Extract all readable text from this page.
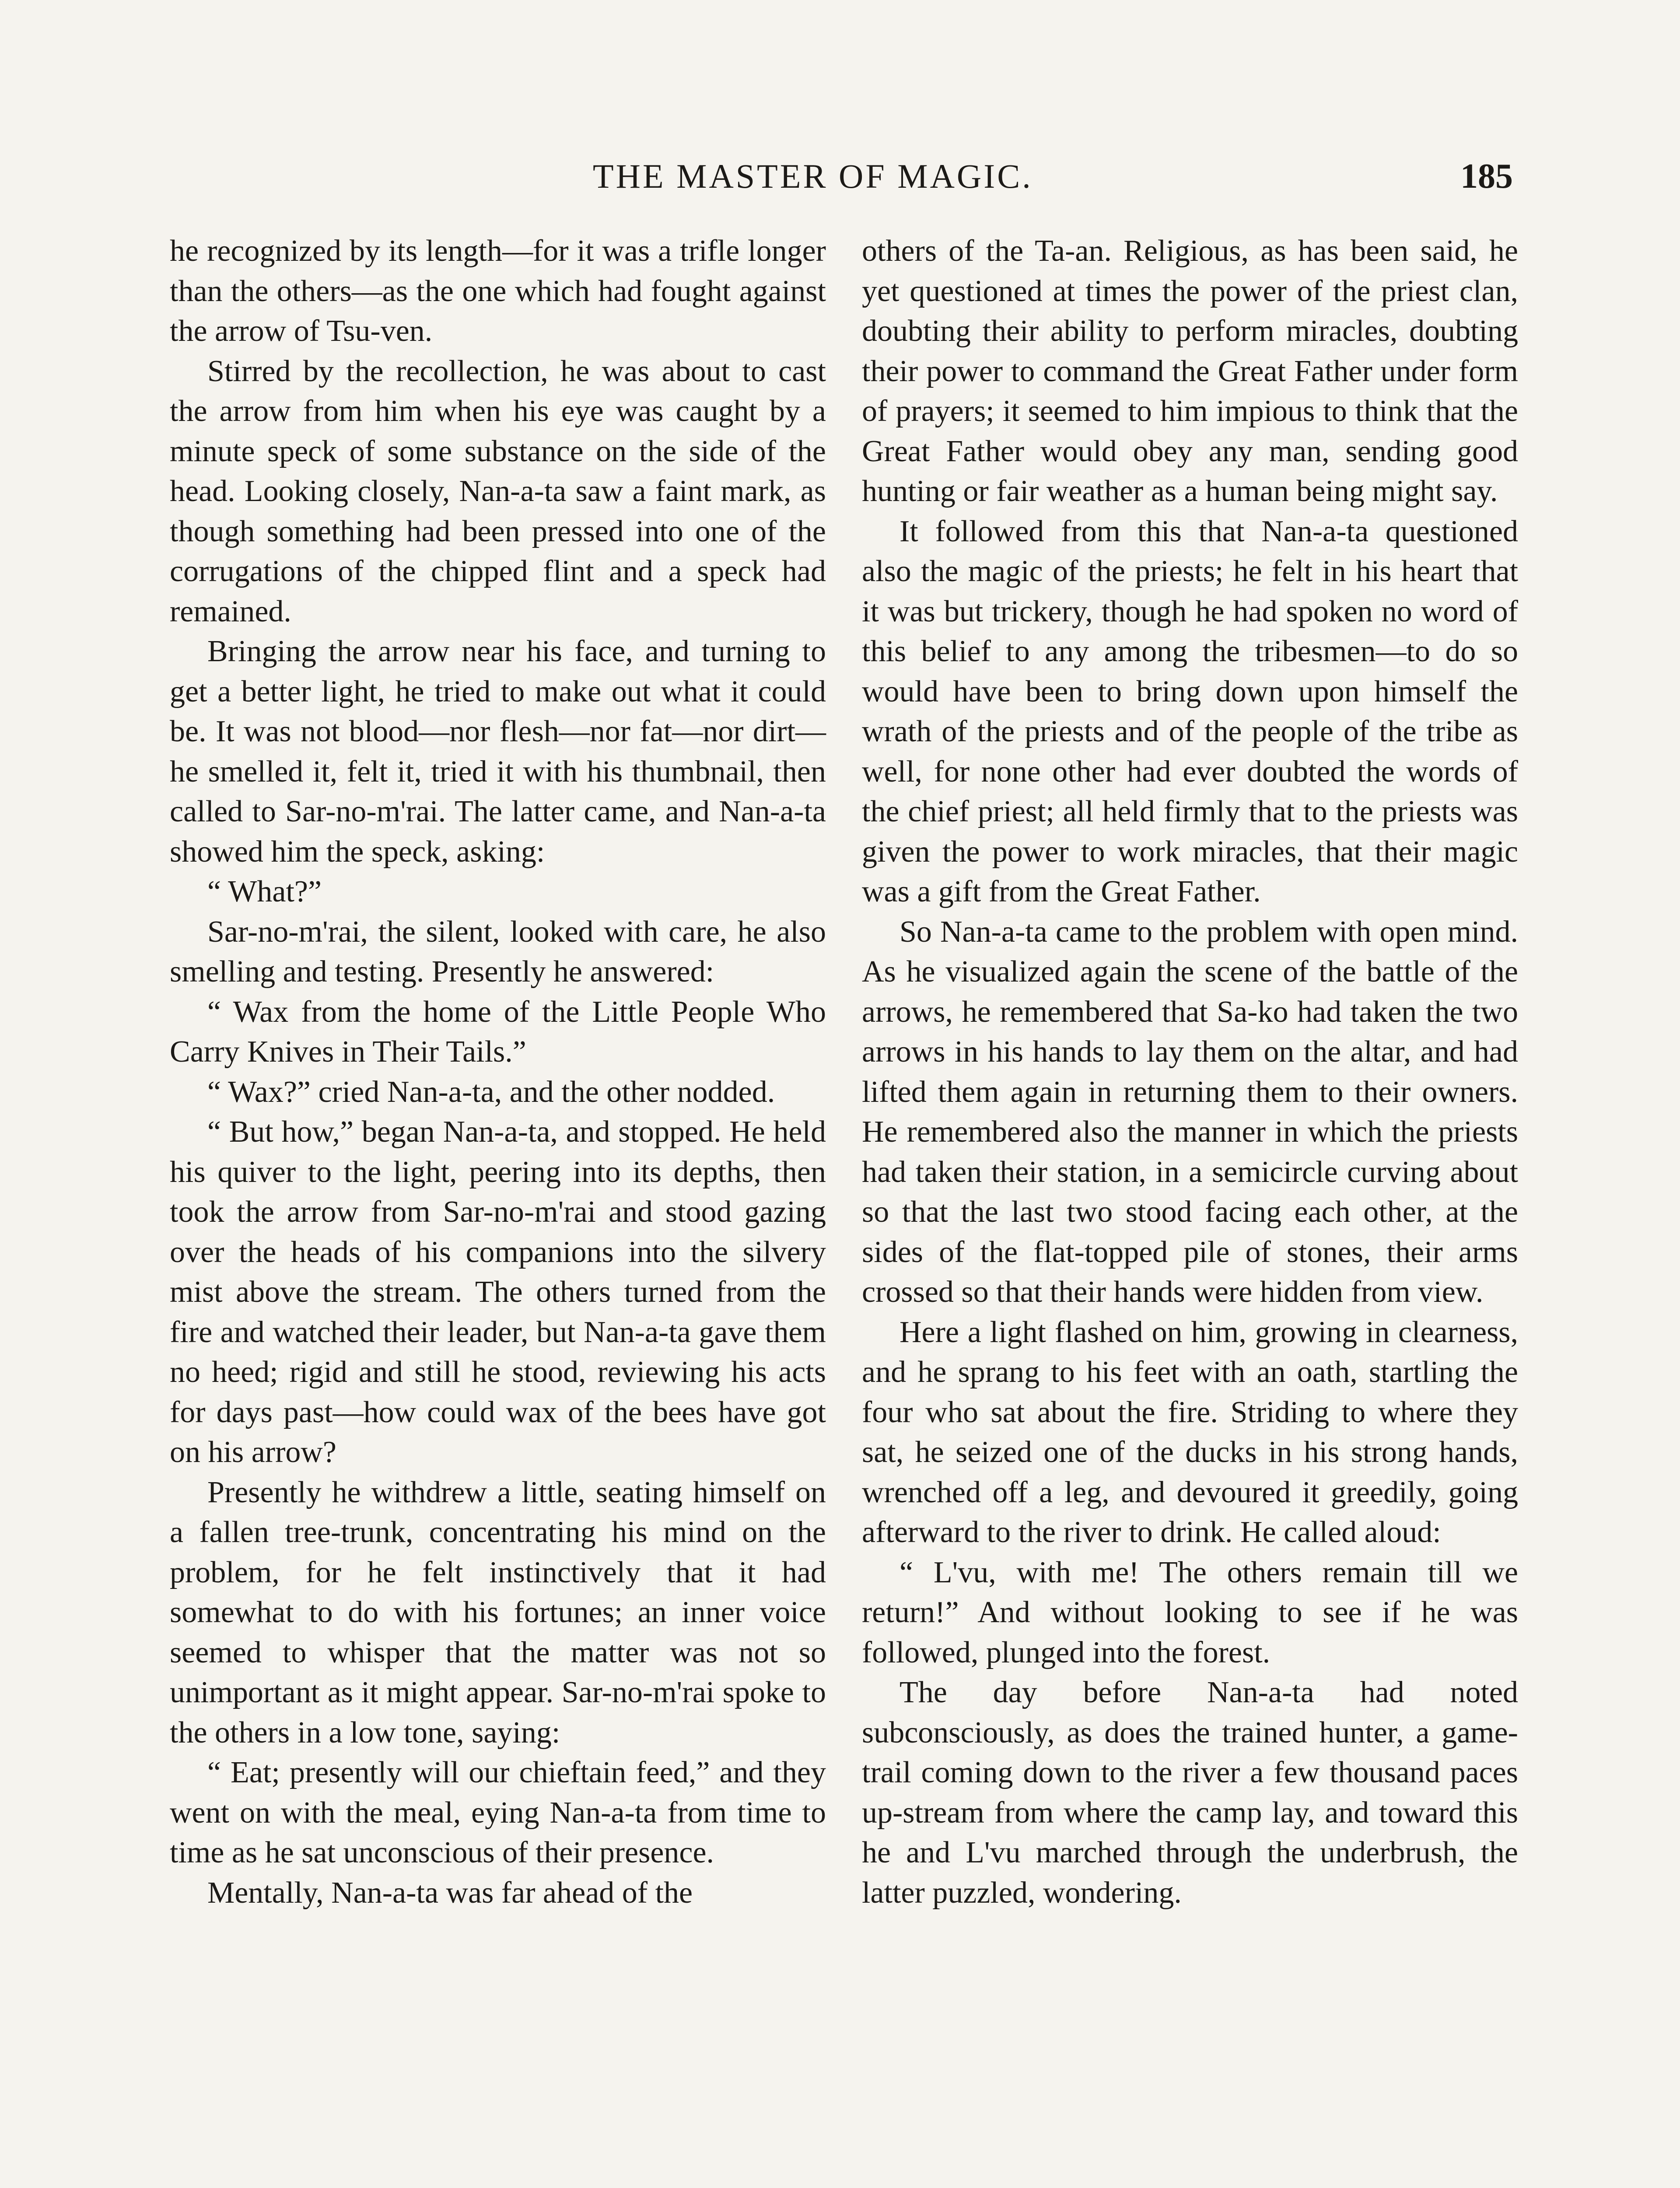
THE MASTER OF MAGIC.	185

he recognized by its length—for it was a trifle longer than the others—as the one which had fought against the arrow of Tsu-ven.

Stirred by the recollection, he was about to cast the arrow from him when his eye was caught by a minute speck of some substance on the side of the head. Looking closely, Nan-a-ta saw a faint mark, as though something had been pressed into one of the corrugations of the chipped flint and a speck had remained.

Bringing the arrow near his face, and turning to get a better light, he tried to make out what it could be. It was not blood—nor flesh—nor fat—nor dirt—he smelled it, felt it, tried it with his thumbnail, then called to Sar-no-m'rai. The latter came, and Nan-a-ta showed him the speck, asking:

“ What?”

Sar-no-m'rai, the silent, looked with care, he also smelling and testing. Presently he answered:

“ Wax from the home of the Little People Who Carry Knives in Their Tails.”

“ Wax?” cried Nan-a-ta, and the other nodded.

“ But how,” began Nan-a-ta, and stopped. He held his quiver to the light, peering into its depths, then took the arrow from Sar-no-m'rai and stood gazing over the heads of his companions into the silvery mist above the stream. The others turned from the fire and watched their leader, but Nan-a-ta gave them no heed; rigid and still he stood, reviewing his acts for days past—how could wax of the bees have got on his arrow?

Presently he withdrew a little, seating himself on a fallen tree-trunk, concentrating his mind on the problem, for he felt instinctively that it had somewhat to do with his fortunes; an inner voice seemed to whisper that the matter was not so unimportant as it might appear. Sar-no-m'rai spoke to the others in a low tone, saying:

“ Eat; presently will our chieftain feed,” and they went on with the meal, eying Nan-a-ta from time to time as he sat unconscious of their presence.

Mentally, Nan-a-ta was far ahead of the

others of the Ta-an. Religious, as has been said, he yet questioned at times the power of the priest clan, doubting their ability to perform miracles, doubting their power to command the Great Father under form of prayers; it seemed to him impious to think that the Great Father would obey any man, sending good hunting or fair weather as a human being might say.

It followed from this that Nan-a-ta questioned also the magic of the priests; he felt in his heart that it was but trickery, though he had spoken no word of this belief to any among the tribesmen—to do so would have been to bring down upon himself the wrath of the priests and of the people of the tribe as well, for none other had ever doubted the words of the chief priest; all held firmly that to the priests was given the power to work miracles, that their magic was a gift from the Great Father.

So Nan-a-ta came to the problem with open mind. As he visualized again the scene of the battle of the arrows, he remembered that Sa-ko had taken the two arrows in his hands to lay them on the altar, and had lifted them again in returning them to their owners. He remembered also the manner in which the priests had taken their station, in a semicircle curving about so that the last two stood facing each other, at the sides of the flat-topped pile of stones, their arms crossed so that their hands were hidden from view.

Here a light flashed on him, growing in clearness, and he sprang to his feet with an oath, startling the four who sat about the fire. Striding to where they sat, he seized one of the ducks in his strong hands, wrenched off a leg, and devoured it greedily, going afterward to the river to drink. He called aloud:

“ L'vu, with me! The others remain till we return!” And without looking to see if he was followed, plunged into the forest.

The day before Nan-a-ta had noted subconsciously, as does the trained hunter, a game-trail coming down to the river a few thousand paces up-stream from where the camp lay, and toward this he and L'vu marched through the underbrush, the latter puzzled, wondering.
